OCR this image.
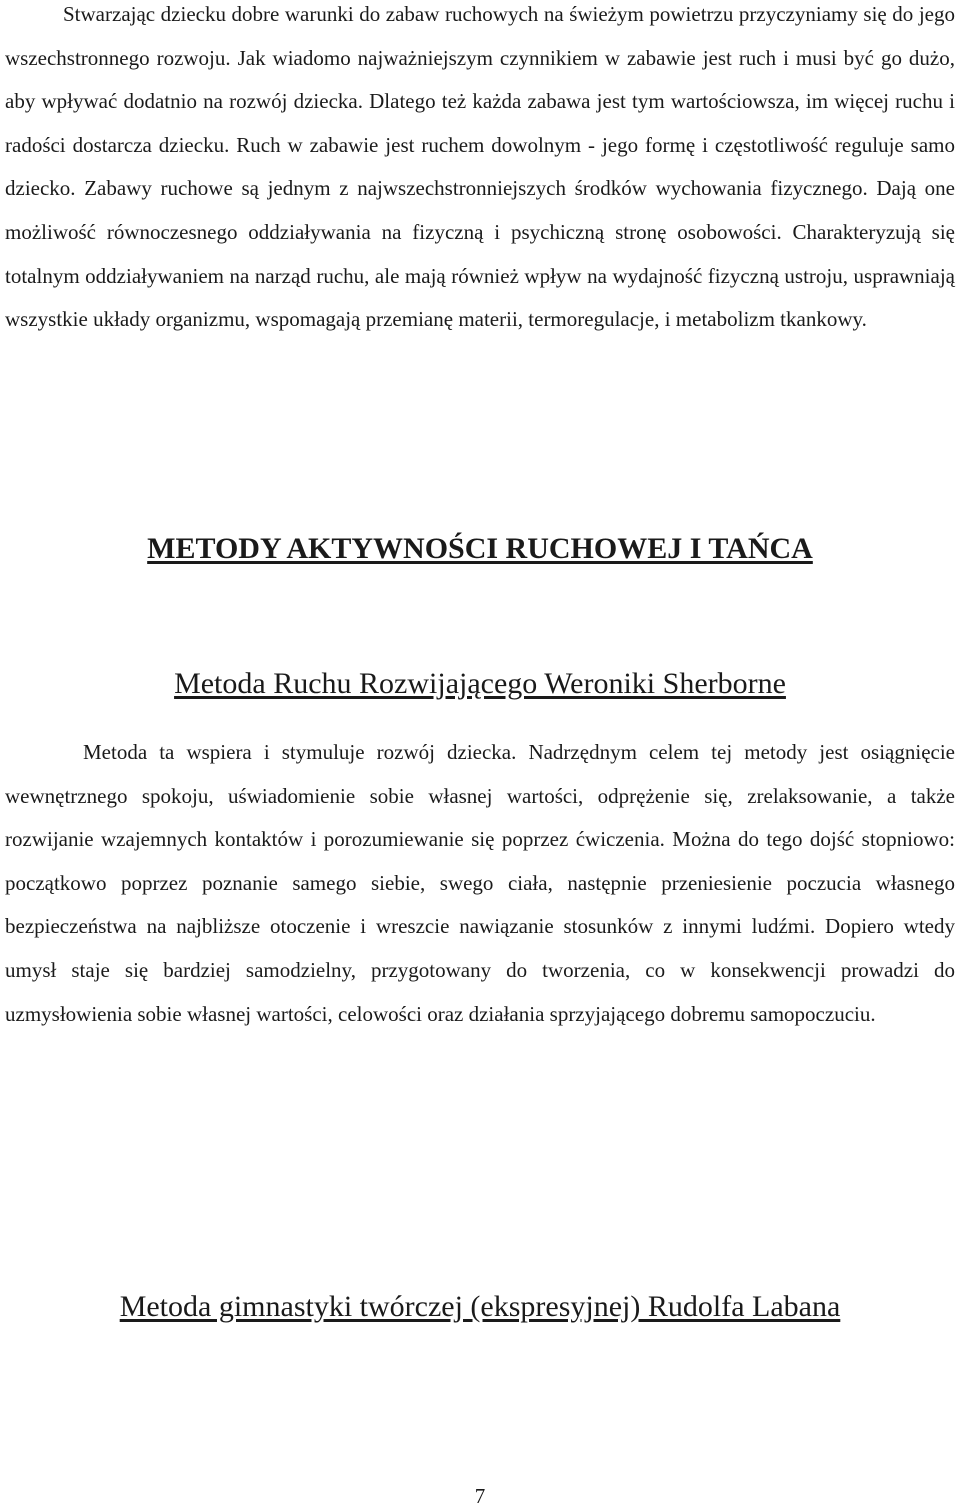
Stwarzając dziecku dobre warunki do zabaw ruchowych na świeżym powietrzu przyczyniamy się do jego wszechstronnego rozwoju. Jak wiadomo najważniejszym czynnikiem w zabawie jest ruch i musi być go dużo, aby wpływać dodatnio na rozwój dziecka. Dlatego też każda zabawa jest tym wartościowsza, im więcej ruchu i radości dostarcza dziecku. Ruch w zabawie jest ruchem dowolnym - jego formę i częstotliwość reguluje samo dziecko. Zabawy ruchowe są jednym z najwszechstronniejszych środków wychowania fizycznego. Dają one możliwość równoczesnego oddziaływania na fizyczną i psychiczną stronę osobowości. Charakteryzują się totalnym oddziaływaniem na narząd ruchu, ale mają również wpływ na wydajność fizyczną ustroju, usprawniają wszystkie układy organizmu, wspomagają przemianę materii, termoregulacje, i metabolizm tkankowy.

METODY AKTYWNOŚCI RUCHOWEJ I TAŃCA
Metoda Ruchu Rozwijającego Weroniki Sherborne

Metoda ta wspiera i stymuluje rozwój dziecka. Nadrzędnym celem tej metody jest osiągnięcie wewnętrznego spokoju, uświadomienie sobie własnej wartości, odprężenie się, zrelaksowanie, a także rozwijanie wzajemnych kontaktów i porozumiewanie się poprzez ćwiczenia. Można do tego dojść stopniowo: początkowo poprzez poznanie samego siebie, swego ciała, następnie przeniesienie poczucia własnego bezpieczeństwa na najbliższe otoczenie i wreszcie nawiązanie stosunków z innymi ludźmi. Dopiero wtedy umysł staje się bardziej samodzielny, przygotowany do tworzenia, co w konsekwencji prowadzi do uzmysłowienia sobie własnej wartości, celowości oraz działania sprzyjającego dobremu samopoczuciu.

Metoda gimnastyki twórczej (ekspresyjnej) Rudolfa Labana
7
